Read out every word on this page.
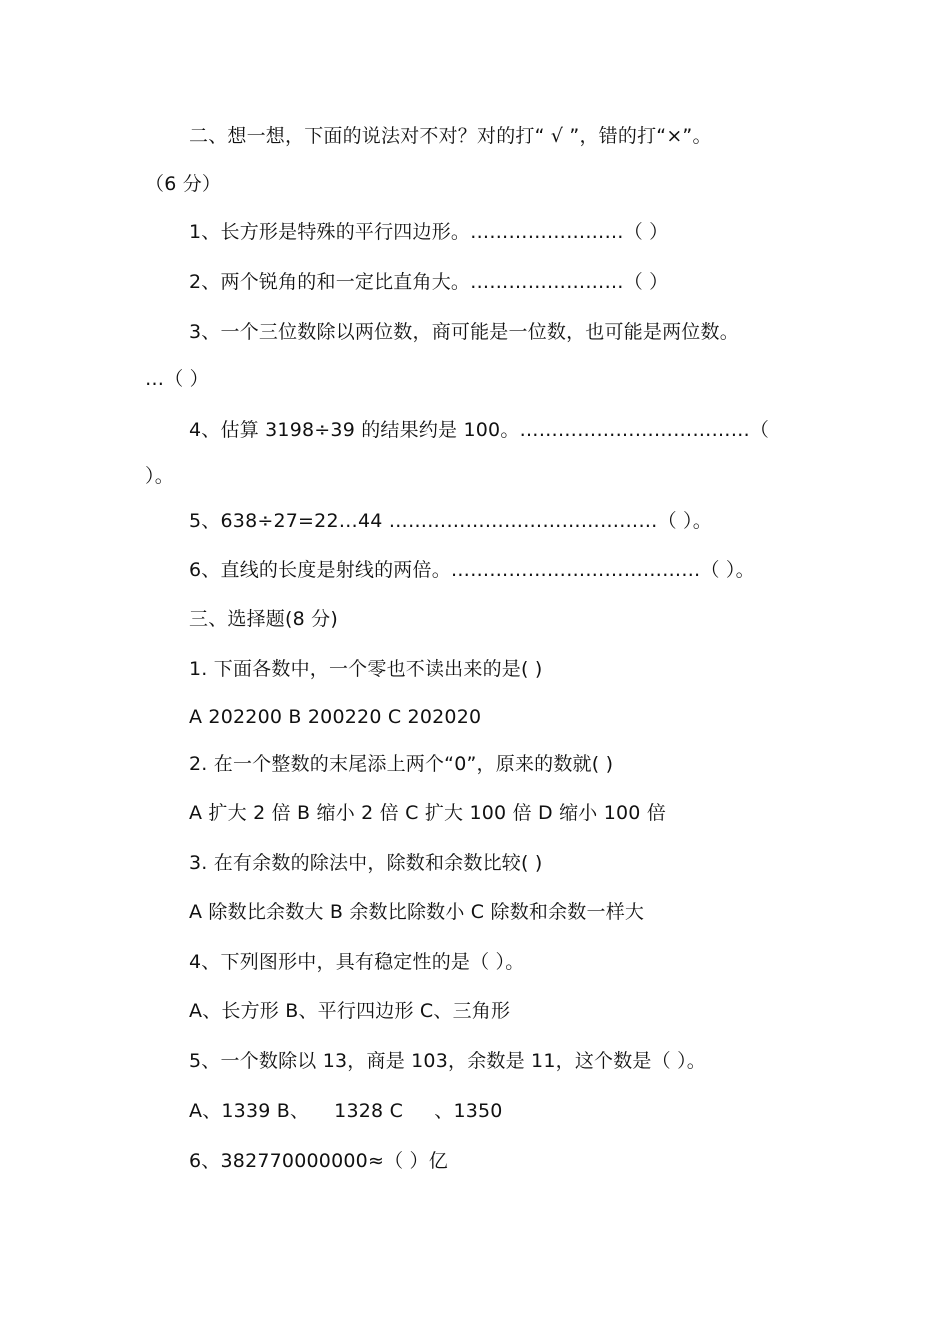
二、想一想，下面的说法对不对？对的打“ √ ”，错的打“×”。
（6 分）
1、长方形是特殊的平行四边形。……………………（ ）
2、两个锐角的和一定比直角大。……………………（ ）
3、一个三位数除以两位数，商可能是一位数，也可能是两位数。
…（ ）
4、估算 3198÷39 的结果约是 100。………………………………（
）。
5、638÷27=22…44 ……………………………………（ ）。
6、直线的长度是射线的两倍。…………………………………（ ）。
三、选择题(8 分)
1. 下面各数中，一个零也不读出来的是( )
A 202200 B 200220 C 202020
2. 在一个整数的末尾添上两个“0”，原来的数就( )
A 扩大 2 倍 B 缩小 2 倍 C 扩大 100 倍 D 缩小 100 倍
3. 在有余数的除法中，除数和余数比较( )
A 除数比余数大 B 余数比除数小 C 除数和余数一样大
4、下列图形中，具有稳定性的是（ ）。
A、长方形 B、平行四边形 C、三角形
5、一个数除以 13，商是 103，余数是 11，这个数是（ ）。
A、1339 B、    1328 C     、1350
6、382770000000≈（ ）亿
